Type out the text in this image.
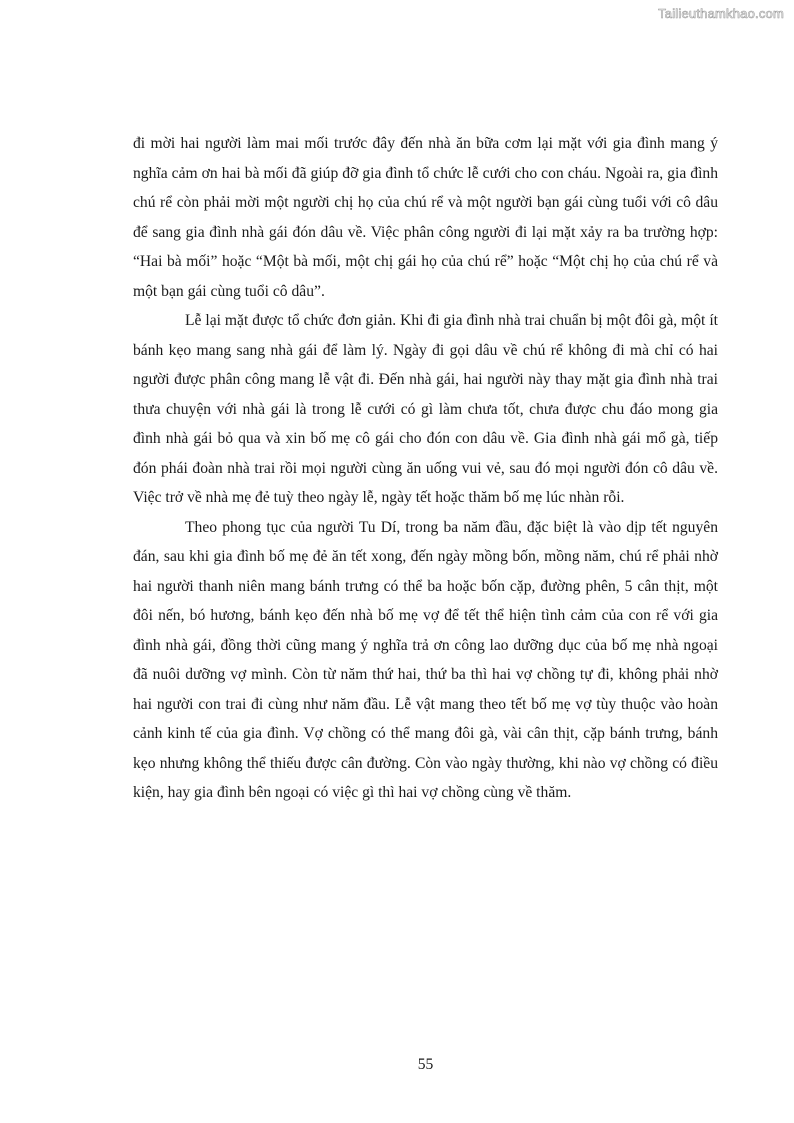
Tailieuthamkhao.com

đi mời hai người làm mai mối trước đây đến nhà ăn bữa cơm lại mặt với gia đình mang ý nghĩa cảm ơn hai bà mối đã giúp đỡ gia đình tổ chức lễ cưới cho con cháu. Ngoài ra, gia đình chú rể còn phải mời một người chị họ của chú rể và một người bạn gái cùng tuổi với cô dâu để sang gia đình nhà gái đón dâu về. Việc phân công người đi lại mặt xảy ra ba trường hợp: “Hai bà mối” hoặc “Một bà mối, một chị gái họ của chú rể” hoặc “Một chị họ của chú rể và một bạn gái cùng tuổi cô dâu”.

Lễ lại mặt được tổ chức đơn giản. Khi đi gia đình nhà trai chuẩn bị một đôi gà, một ít bánh kẹo mang sang nhà gái để làm lý. Ngày đi gọi dâu về chú rể không đi mà chỉ có hai người được phân công mang lễ vật đi. Đến nhà gái, hai người này thay mặt gia đình nhà trai thưa chuyện với nhà gái là trong lễ cưới có gì làm chưa tốt, chưa được chu đáo mong gia đình nhà gái bỏ qua và xin bố mẹ cô gái cho đón con dâu về. Gia đình nhà gái mổ gà, tiếp đón phái đoàn nhà trai rồi mọi người cùng ăn uống vui vẻ, sau đó mọi người đón cô dâu về. Việc trở về nhà mẹ đẻ tuỳ theo ngày lễ, ngày tết hoặc thăm bố mẹ lúc nhàn rỗi.

Theo phong tục của người Tu Dí, trong ba năm đầu, đặc biệt là vào dịp tết nguyên đán, sau khi gia đình bố mẹ đẻ ăn tết xong, đến ngày mồng bốn, mồng năm, chú rể phải nhờ hai người thanh niên mang bánh trưng có thể ba hoặc bốn cặp, đường phên, 5 cân thịt, một đôi nến, bó hương, bánh kẹo đến nhà bố mẹ vợ để tết thể hiện tình cảm của con rể với gia đình nhà gái, đồng thời cũng mang ý nghĩa trả ơn công lao dưỡng dục của bố mẹ nhà ngoại đã nuôi dưỡng vợ mình. Còn từ năm thứ hai, thứ ba thì hai vợ chồng tự đi, không phải nhờ hai người con trai đi cùng như năm đầu. Lễ vật mang theo tết bố mẹ vợ tùy thuộc vào hoàn cảnh kinh tế của gia đình. Vợ chồng có thể mang đôi gà, vài cân thịt, cặp bánh trưng, bánh kẹo nhưng không thể thiếu được cân đường. Còn vào ngày thường, khi nào vợ chồng có điều kiện, hay gia đình bên ngoại có việc gì thì hai vợ chồng cùng về thăm.

55
